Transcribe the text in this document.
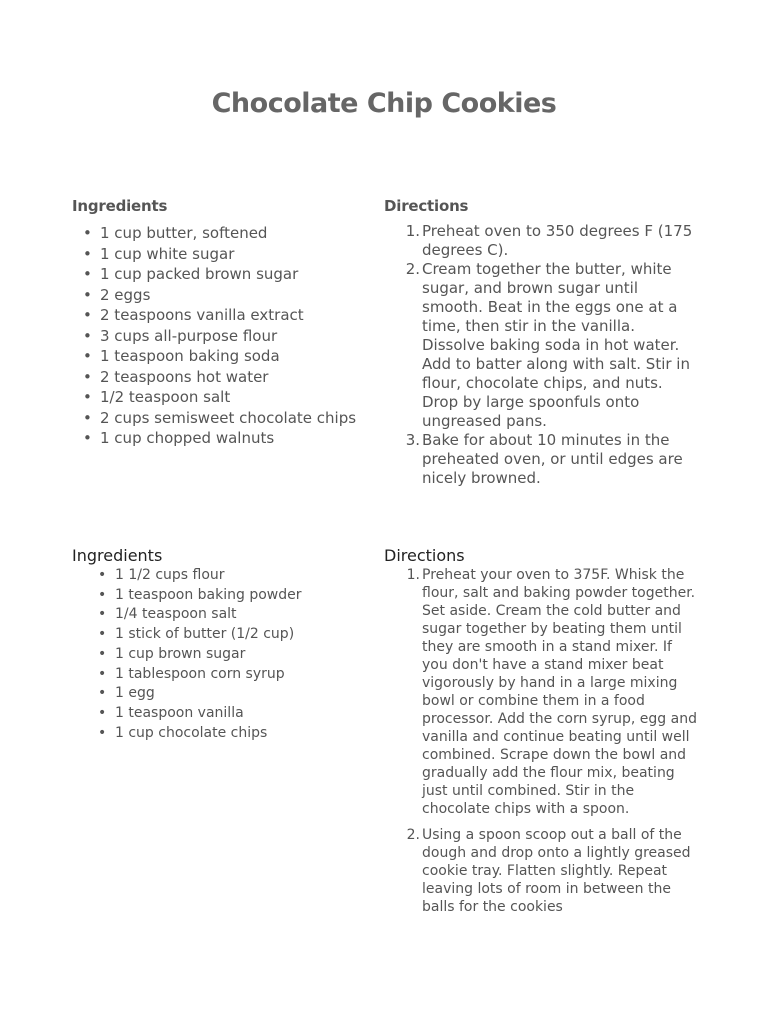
Chocolate Chip Cookies
Ingredients
• 1 cup butter, softened
• 1 cup white sugar
• 1 cup packed brown sugar
• 2 eggs
• 2 teaspoons vanilla extract
• 3 cups all-purpose flour
• 1 teaspoon baking soda
• 2 teaspoons hot water
• 1/2 teaspoon salt
• 2 cups semisweet chocolate chips
• 1 cup chopped walnuts
Directions
1. Preheat oven to 350 degrees F (175 degrees C).
2. Cream together the butter, white sugar, and brown sugar until smooth. Beat in the eggs one at a time, then stir in the vanilla. Dissolve baking soda in hot water. Add to batter along with salt. Stir in flour, chocolate chips, and nuts. Drop by large spoonfuls onto ungreased pans.
3. Bake for about 10 minutes in the preheated oven, or until edges are nicely browned.
Ingredients
• 1 1/2 cups flour
• 1 teaspoon baking powder
• 1/4 teaspoon salt
• 1 stick of butter (1/2 cup)
• 1 cup brown sugar
• 1 tablespoon corn syrup
• 1 egg
• 1 teaspoon vanilla
• 1 cup chocolate chips
Directions
1. Preheat your oven to 375F. Whisk the flour, salt and baking powder together. Set aside. Cream the cold butter and sugar together by beating them until they are smooth in a stand mixer. If you don't have a stand mixer beat vigorously by hand in a large mixing bowl or combine them in a food processor. Add the corn syrup, egg and vanilla and continue beating until well combined. Scrape down the bowl and gradually add the flour mix, beating just until combined. Stir in the chocolate chips with a spoon.
2. Using a spoon scoop out a ball of the dough and drop onto a lightly greased cookie tray. Flatten slightly. Repeat leaving lots of room in between the balls for the cookies
